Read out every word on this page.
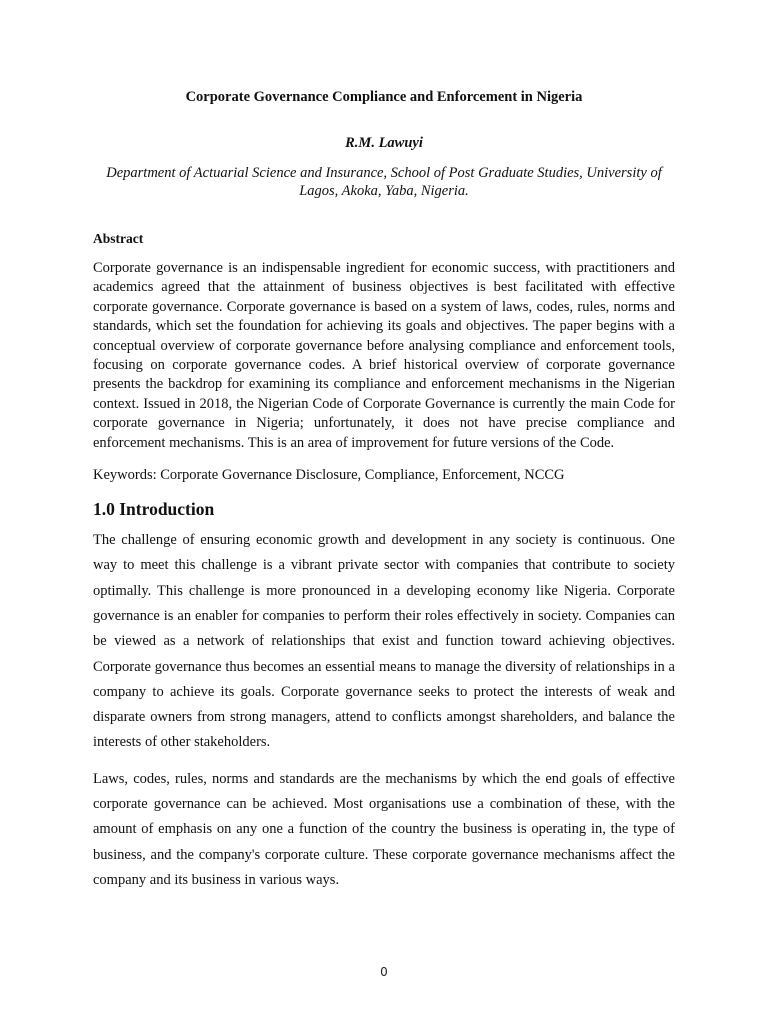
Corporate Governance Compliance and Enforcement in Nigeria

R.M. Lawuyi

Department of Actuarial Science and Insurance, School of Post Graduate Studies, University of Lagos, Akoka, Yaba, Nigeria.

Abstract

Corporate governance is an indispensable ingredient for economic success, with practitioners and academics agreed that the attainment of business objectives is best facilitated with effective corporate governance. Corporate governance is based on a system of laws, codes, rules, norms and standards, which set the foundation for achieving its goals and objectives. The paper begins with a conceptual overview of corporate governance before analysing compliance and enforcement tools, focusing on corporate governance codes. A brief historical overview of corporate governance presents the backdrop for examining its compliance and enforcement mechanisms in the Nigerian context. Issued in 2018, the Nigerian Code of Corporate Governance is currently the main Code for corporate governance in Nigeria; unfortunately, it does not have precise compliance and enforcement mechanisms. This is an area of improvement for future versions of the Code.

Keywords: Corporate Governance Disclosure, Compliance, Enforcement, NCCG

1.0 Introduction

The challenge of ensuring economic growth and development in any society is continuous. One way to meet this challenge is a vibrant private sector with companies that contribute to society optimally. This challenge is more pronounced in a developing economy like Nigeria. Corporate governance is an enabler for companies to perform their roles effectively in society. Companies can be viewed as a network of relationships that exist and function toward achieving objectives. Corporate governance thus becomes an essential means to manage the diversity of relationships in a company to achieve its goals. Corporate governance seeks to protect the interests of weak and disparate owners from strong managers, attend to conflicts amongst shareholders, and balance the interests of other stakeholders.

Laws, codes, rules, norms and standards are the mechanisms by which the end goals of effective corporate governance can be achieved. Most organisations use a combination of these, with the amount of emphasis on any one a function of the country the business is operating in, the type of business, and the company's corporate culture. These corporate governance mechanisms affect the company and its business in various ways.

0
